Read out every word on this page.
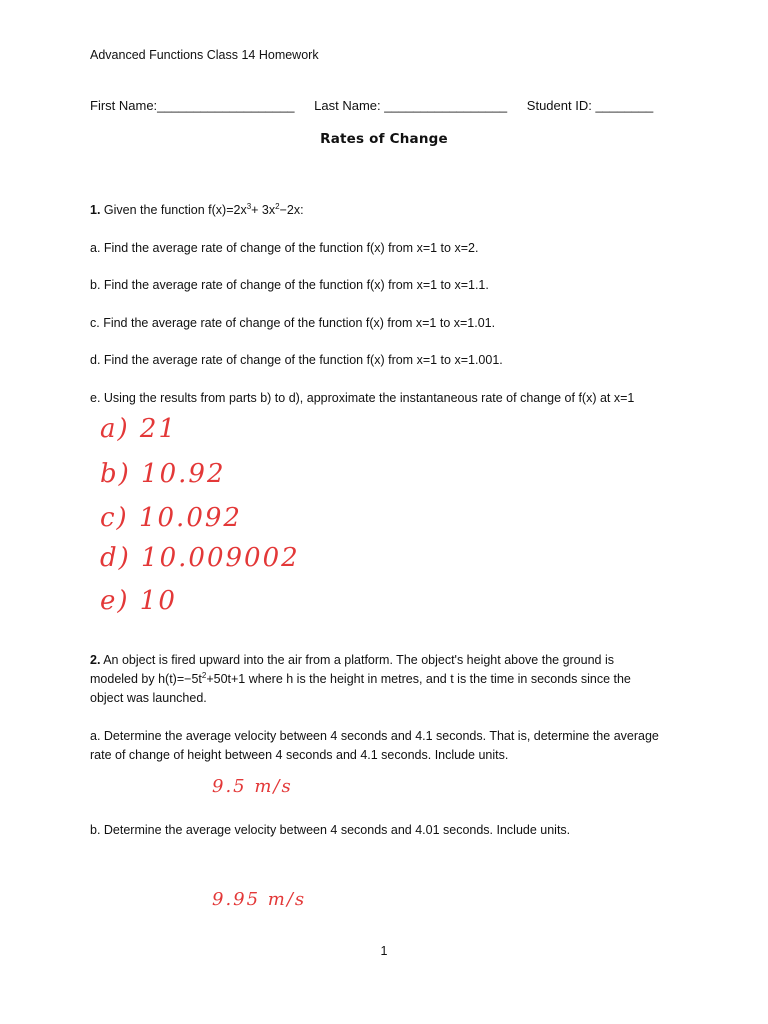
Advanced Functions Class 14 Homework
First Name:___________________ Last Name: _________________ Student ID: ________
Rates of Change
1. Given the function $f(x)=2x^3+ 3x^2-2x$:
a. Find the average rate of change of the function f(x) from x=1 to x=2.
b. Find the average rate of change of the function f(x) from x=1 to x=1.1.
c. Find the average rate of change of the function f(x) from x=1 to x=1.01.
d. Find the average rate of change of the function f(x) from x=1 to x=1.001.
e. Using the results from parts b) to d), approximate the instantaneous rate of change of f(x) at x=1
a) 21
b) 10.92
c) 10.092
d) 10.009002
e) 10
2. An object is fired upward into the air from a platform. The object's height above the ground is
modeled by $h(t)=-5t^2+50t+1$ where h is the height in metres, and t is the time in seconds since the
object was launched.
a. Determine the average velocity between 4 seconds and 4.1 seconds. That is, determine the average
rate of change of height between 4 seconds and 4.1 seconds. Include units.
9.5 m/s
b. Determine the average velocity between 4 seconds and 4.01 seconds. Include units.
9.95 m/s
1
